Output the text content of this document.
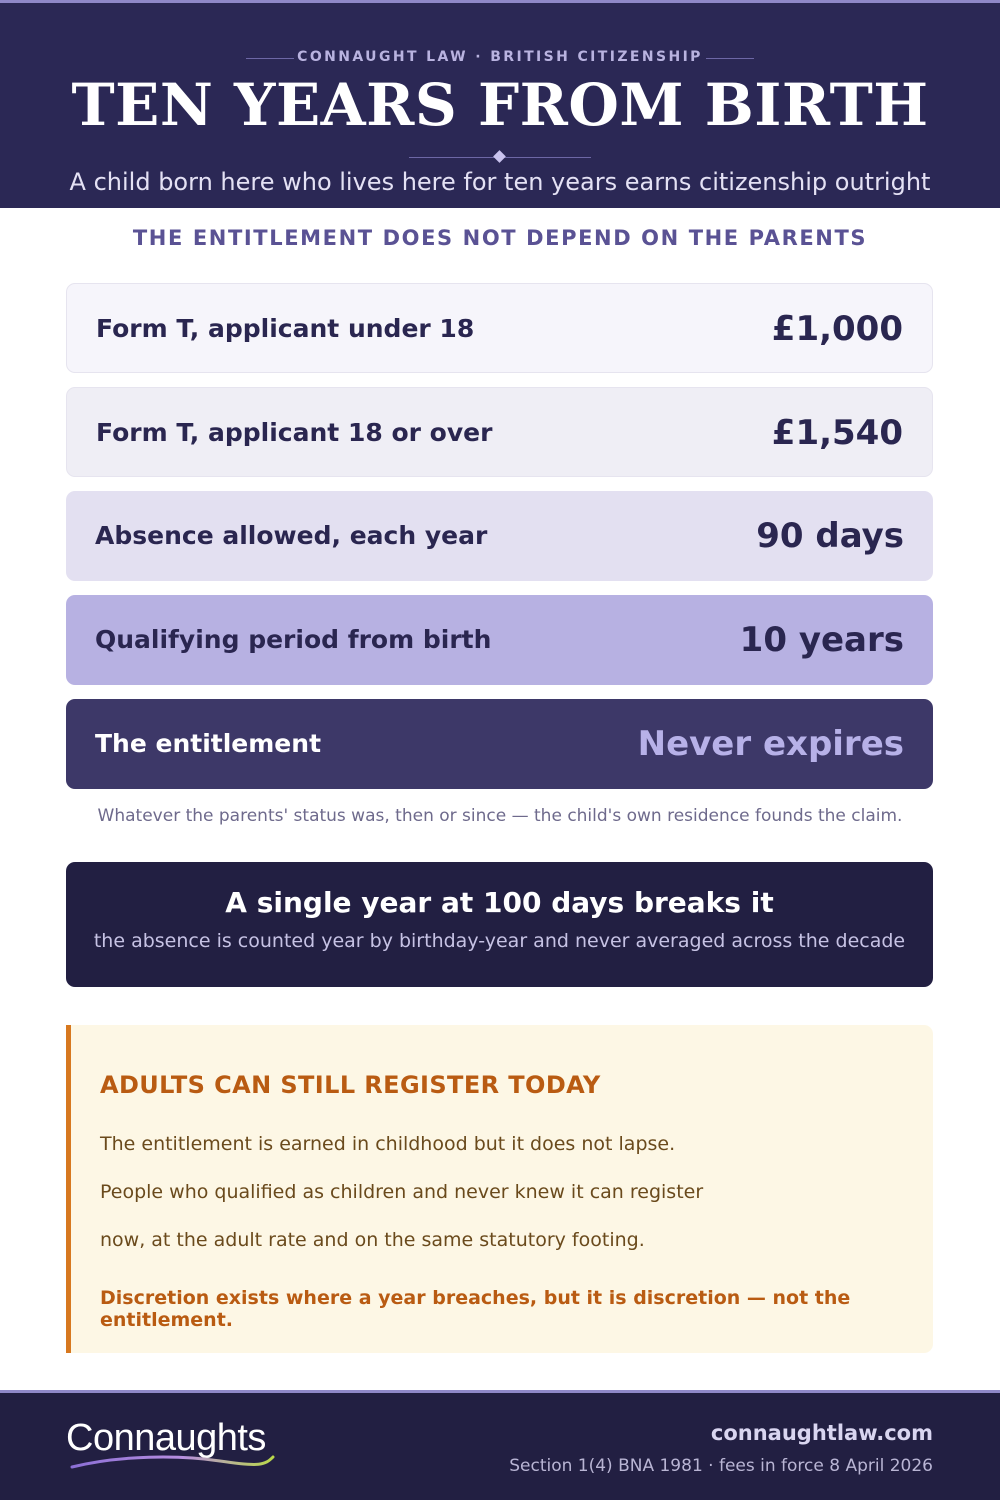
CONNAUGHT LAW · BRITISH CITIZENSHIP
TEN YEARS FROM BIRTH
A child born here who lives here for ten years earns citizenship outright
THE ENTITLEMENT DOES NOT DEPEND ON THE PARENTS
Form T, applicant under 18	£1,000
Form T, applicant 18 or over	£1,540
Absence allowed, each year	90 days
Qualifying period from birth	10 years
The entitlement	Never expires
Whatever the parents' status was, then or since — the child's own residence founds the claim.
A single year at 100 days breaks it
the absence is counted year by birthday-year and never averaged across the decade
ADULTS CAN STILL REGISTER TODAY
The entitlement is earned in childhood but it does not lapse.
People who qualified as children and never knew it can register
now, at the adult rate and on the same statutory footing.
Discretion exists where a year breaches, but it is discretion — not the entitlement.
Connaughts	connaughtlaw.com
Section 1(4) BNA 1981 · fees in force 8 April 2026
